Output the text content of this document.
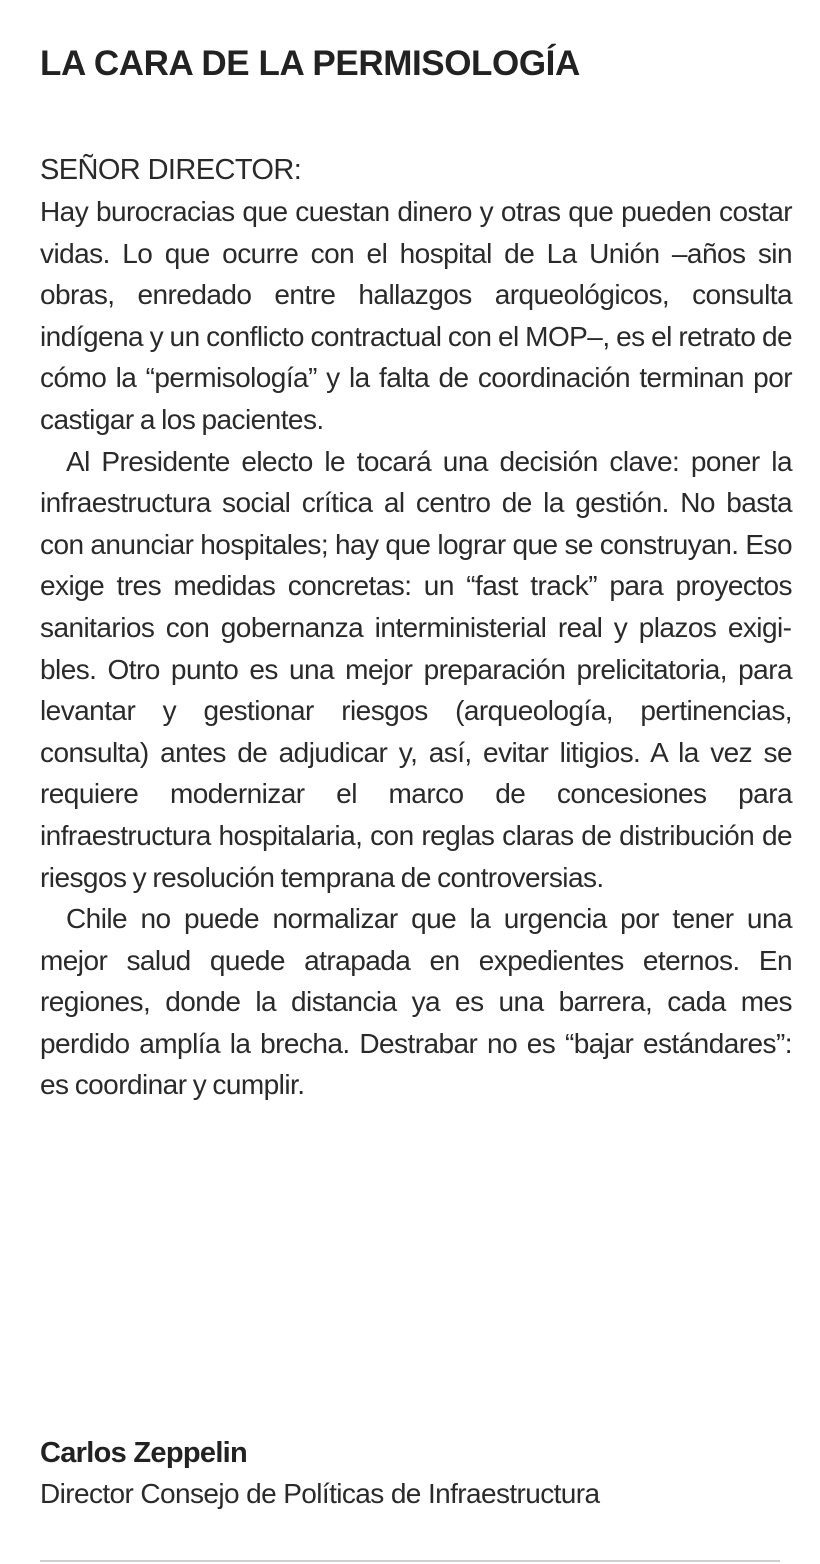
LA CARA DE LA PERMISOLOGÍA

SEÑOR DIRECTOR:

Hay burocracias que cuestan dinero y otras que pueden costar vidas. Lo que ocurre con el hospital de La Unión –años sin obras, enredado entre hallazgos arqueológicos, consulta indígena y un conflicto contractual con el MOP–, es el retrato de cómo la “permisología” y la falta de coordinación terminan por castigar a los pacientes.

Al Presidente electo le tocará una decisión clave: poner la infraestructura social crítica al centro de la gestión. No basta con anunciar hospitales; hay que lograr que se construyan. Eso exige tres medidas concretas: un “fast track” para proyectos sanitarios con gobernanza interministerial real y plazos exigibles. Otro punto es una mejor preparación prelicitatoria, para levantar y gestionar riesgos (arqueología, pertinencias, consulta) antes de adjudicar y, así, evitar litigios. A la vez se requiere modernizar el marco de concesiones para infraestructura hospitalaria, con reglas claras de distribución de riesgos y resolución temprana de controversias.

Chile no puede normalizar que la urgencia por tener una mejor salud quede atrapada en expedientes eternos. En regiones, donde la distancia ya es una barrera, cada mes perdido amplía la brecha. Destrabar no es “bajar estándares”: es coordinar y cumplir.

Carlos Zeppelin

Director Consejo de Políticas de Infraestructura
